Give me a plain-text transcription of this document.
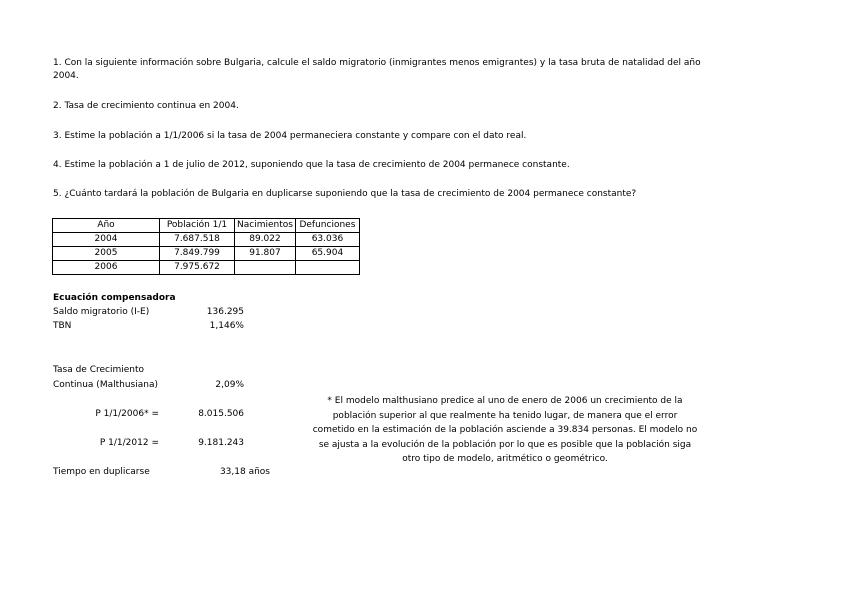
1. Con la siguiente información sobre Bulgaria, calcule el saldo migratorio (inmigrantes menos emigrantes) y la tasa bruta de natalidad del año 2004.
2. Tasa de crecimiento continua en 2004.
3. Estime la población a 1/1/2006 si la tasa de 2004 permaneciera constante y compare con el dato real.
4. Estime la población a 1 de julio de 2012, suponiendo que la tasa de crecimiento de 2004 permanece constante.
5. ¿Cuánto tardará la población de Bulgaria en duplicarse suponiendo que la tasa de crecimiento de 2004 permanece constante?
Año	Población 1/1	Nacimientos	Defunciones
2004	7.687.518	89.022	63.036
2005	7.849.799	91.807	65.904
2006	7.975.672		
Ecuación compensadora
Saldo migratorio (I-E)	136.295
TBN	1,146%
Tasa de Crecimiento
Continua (Malthusiana)	2,09%
P 1/1/2006* =	8.015.506
P 1/1/2012 =	9.181.243
Tiempo en duplicarse	33,18 años
* El modelo malthusiano predice al uno de enero de 2006 un crecimiento de la
población superior al que realmente ha tenido lugar, de manera que el error
cometido en la estimación de la población asciende a 39.834 personas. El modelo no
se ajusta a la evolución de la población por lo que es posible que la población siga
otro tipo de modelo, aritmético o geométrico.
